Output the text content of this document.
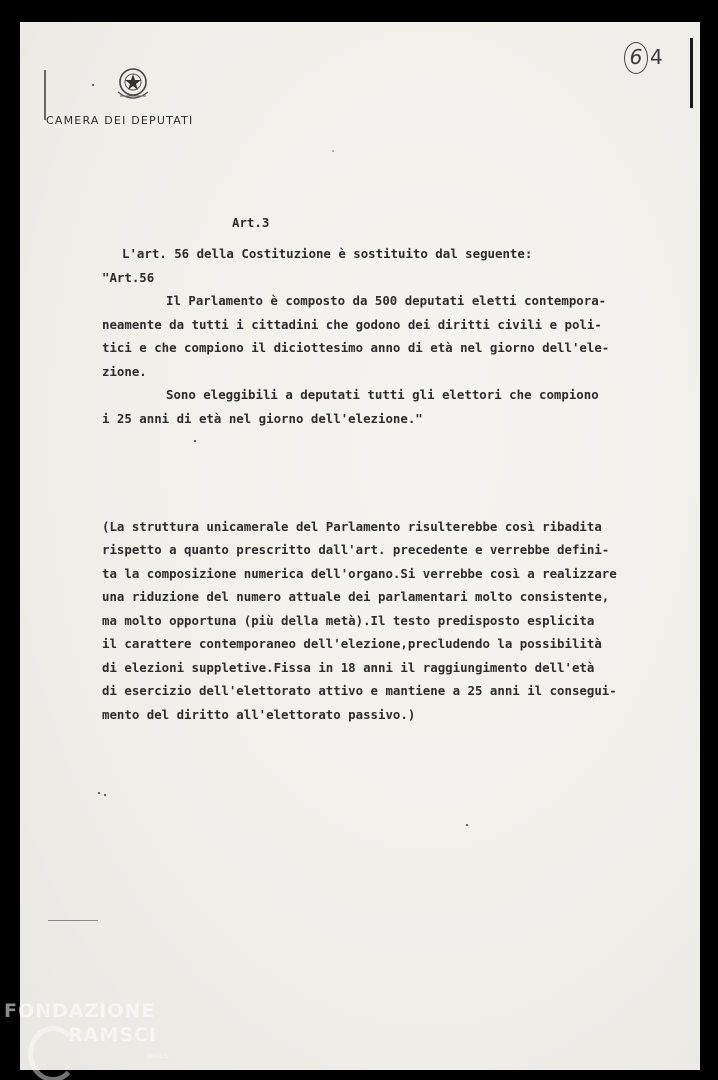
CAMERA DEI DEPUTATI
6 4
Art.3
L'art. 56 della Costituzione è sostituito dal seguente:
"Art.56
Il Parlamento è composto da 500 deputati eletti contempora-
neamente da tutti i cittadini che godono dei diritti civili e poli-
tici e che compiono il diciottesimo anno di età nel giorno dell'ele-
zione.
Sono eleggibili a deputati tutti gli elettori che compiono
i 25 anni di età nel giorno dell'elezione."
(La struttura unicamerale del Parlamento risulterebbe così ribadita
rispetto a quanto prescritto dall'art. precedente e verrebbe defini-
ta la composizione numerica dell'organo.Si verrebbe così a realizzare
una riduzione del numero attuale dei parlamentari molto consistente,
ma molto opportuna (più della metà).Il testo predisposto esplicita
il carattere contemporaneo dell'elezione,precludendo la possibilità
di elezioni suppletive.Fissa in 18 anni il raggiungimento dell'età
di esercizio dell'elettorato attivo e mantiene a 25 anni il consegui-
mento del diritto all'elettorato passivo.)
FONDAZIONE
RAMSCI
onlus
